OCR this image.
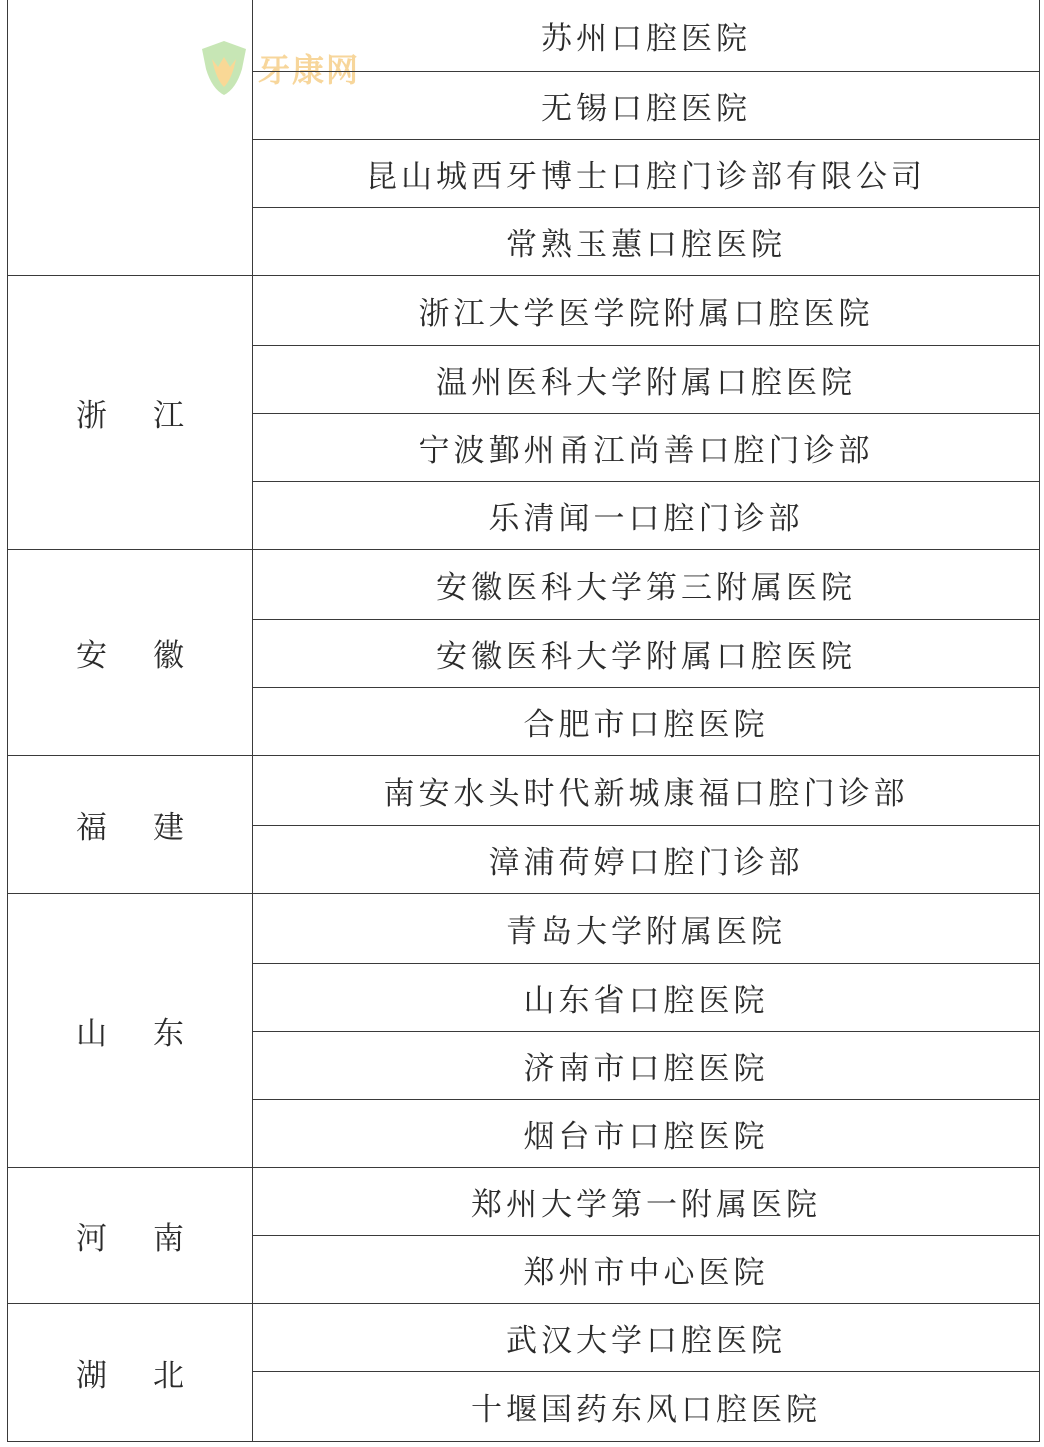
牙康网
苏州口腔医院
无锡口腔医院
昆山城西牙博士口腔门诊部有限公司
常熟玉蕙口腔医院
浙 江
浙江大学医学院附属口腔医院
温州医科大学附属口腔医院
宁波鄞州甬江尚善口腔门诊部
乐清闻一口腔门诊部
安 徽
安徽医科大学第三附属医院
安徽医科大学附属口腔医院
合肥市口腔医院
福 建
南安水头时代新城康福口腔门诊部
漳浦荷婷口腔门诊部
山 东
青岛大学附属医院
山东省口腔医院
济南市口腔医院
烟台市口腔医院
河 南
郑州大学第一附属医院
郑州市中心医院
湖 北
武汉大学口腔医院
十堰国药东风口腔医院
